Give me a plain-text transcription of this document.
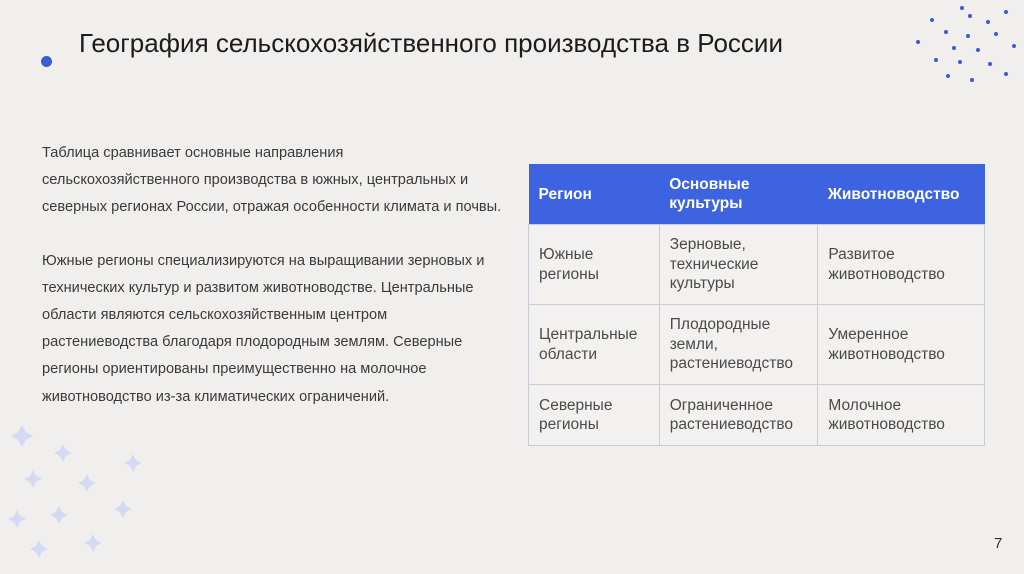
География сельскохозяйственного производства в России

Таблица сравнивает основные направления сельскохозяйственного производства в южных, центральных и северных регионах России, отражая особенности климата и почвы.

Южные регионы специализируются на выращивании зерновых и технических культур и развитом животноводстве. Центральные области являются сельскохозяйственным центром растениеводства благодаря плодородным землям. Северные регионы ориентированы преимущественно на молочное животноводство из-за климатических ограничений.

Регион	Основные культуры	Животноводство
Южные регионы	Зерновые, технические культуры	Развитое животноводство
Центральные области	Плодородные земли, растениеводство	Умеренное животноводство
Северные регионы	Ограниченное растениеводство	Молочное животноводство
7
